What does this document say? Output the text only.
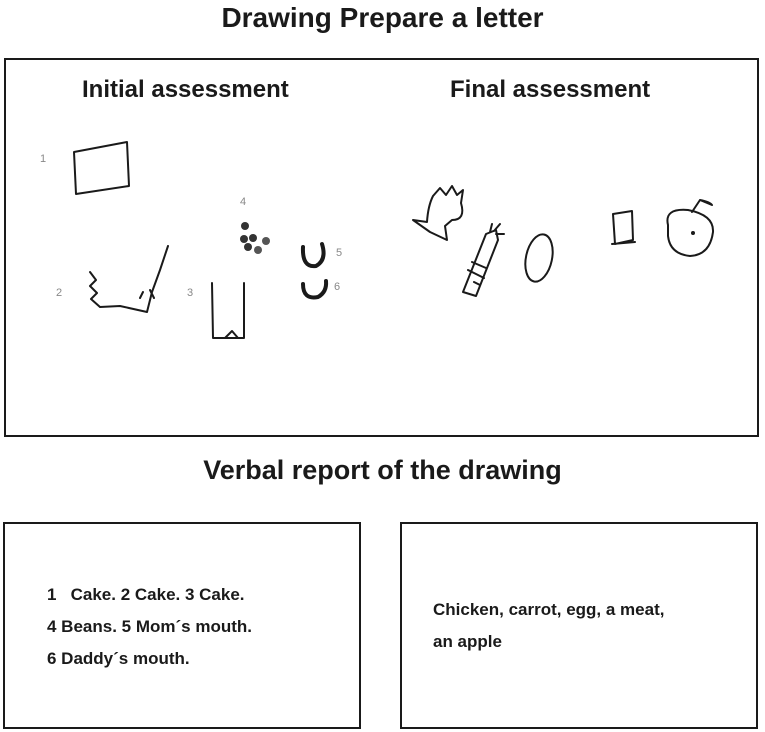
Drawing Prepare a letter
Initial assessment	Final assessment
1
2	3
4
5
6
Verbal report of the drawing
1   Cake. 2 Cake. 3 Cake.
4 Beans. 5 Mom´s mouth.
6 Daddy´s mouth.
Chicken, carrot, egg, a meat,
an apple
